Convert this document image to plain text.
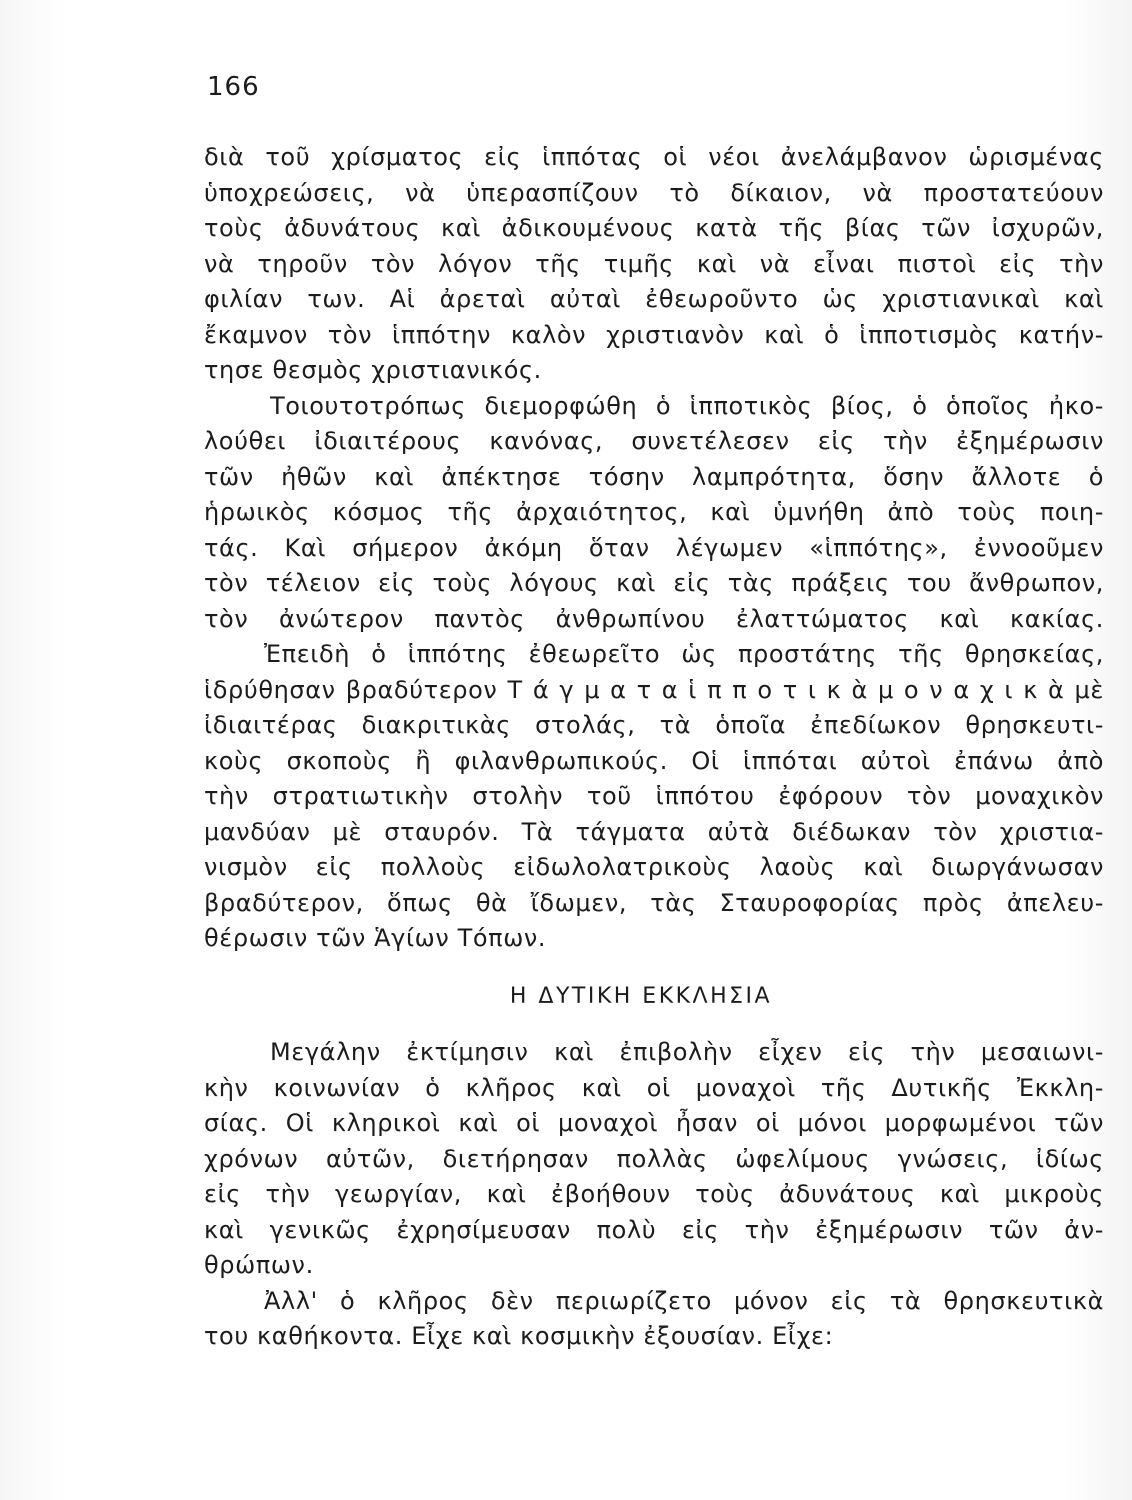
166
διὰ τοῦ χρίσματος εἰς ἱππότας οἱ νέοι ἀνελάμβανον ὡρισμένας
ὑποχρεώσεις, νὰ ὑπερασπίζουν τὸ δίκαιον, νὰ προστατεύουν
τοὺς ἀδυνάτους καὶ ἀδικουμένους κατὰ τῆς βίας τῶν ἰσχυρῶν,
νὰ τηροῦν τὸν λόγον τῆς τιμῆς καὶ νὰ εἶναι πιστοὶ εἰς τὴν
φιλίαν των. Αἱ ἀρεταὶ αὐταὶ ἐθεωροῦντο ὡς χριστιανικαὶ καὶ
ἔκαμνον τὸν ἱππότην καλὸν χριστιανὸν καὶ ὁ ἱπποτισμὸς κατήν-
τησε θεσμὸς χριστιανικός.
Τοιουτοτρόπως διεμορφώθη ὁ ἱπποτικὸς βίος, ὁ ὁποῖος ἠκο-
λούθει ἰδιαιτέρους κανόνας, συνετέλεσεν εἰς τὴν ἐξημέρωσιν
τῶν ἠθῶν καὶ ἀπέκτησε τόσην λαμπρότητα, ὅσην ἄλλοτε ὁ
ἡρωικὸς κόσμος τῆς ἀρχαιότητος, καὶ ὑμνήθη ἀπὸ τοὺς ποιη-
τάς. Καὶ σήμερον ἀκόμη ὅταν λέγωμεν «ἱππότης», ἐννοοῦμεν
τὸν τέλειον εἰς τοὺς λόγους καὶ εἰς τὰς πράξεις του ἄνθρωπον,
τὸν ἀνώτερον παντὸς ἀνθρωπίνου ἐλαττώματος καὶ κακίας.
Ἐπειδὴ ὁ ἱππότης ἐθεωρεῖτο ὡς προστάτης τῆς θρησκείας,
ἱδρύθησαν βραδύτερον Τ ά γ μ α τ α ἱ π π ο τ ι κ ὰ μ ο ν α χ ι κ ὰ μὲ
ἰδιαιτέρας διακριτικὰς στολάς, τὰ ὁποῖα ἐπεδίωκον θρησκευτι-
κοὺς σκοποὺς ἢ φιλανθρωπικούς. Οἱ ἱππόται αὐτοὶ ἐπάνω ἀπὸ
τὴν στρατιωτικὴν στολὴν τοῦ ἱππότου ἐφόρουν τὸν μοναχικὸν
μανδύαν μὲ σταυρόν. Τὰ τάγματα αὐτὰ διέδωκαν τὸν χριστια-
νισμὸν εἰς πολλοὺς εἰδωλολατρικοὺς λαοὺς καὶ διωργάνωσαν
βραδύτερον, ὅπως θὰ ἴδωμεν, τὰς Σταυροφορίας πρὸς ἀπελευ-
θέρωσιν τῶν Ἁγίων Τόπων.
Η ΔΥΤΙΚΗ ΕΚΚΛΗΣΙΑ
Μεγάλην ἐκτίμησιν καὶ ἐπιβολὴν εἶχεν εἰς τὴν μεσαιωνι-
κὴν κοινωνίαν ὁ κλῆρος καὶ οἱ μοναχοὶ τῆς Δυτικῆς Ἐκκλη-
σίας. Οἱ κληρικοὶ καὶ οἱ μοναχοὶ ἦσαν οἱ μόνοι μορφωμένοι τῶν
χρόνων αὐτῶν, διετήρησαν πολλὰς ὠφελίμους γνώσεις, ἰδίως
εἰς τὴν γεωργίαν, καὶ ἐβοήθουν τοὺς ἀδυνάτους καὶ μικροὺς
καὶ γενικῶς ἐχρησίμευσαν πολὺ εἰς τὴν ἐξημέρωσιν τῶν ἀν-
θρώπων.
Ἀλλ' ὁ κλῆρος δὲν περιωρίζετο μόνον εἰς τὰ θρησκευτικὰ
του καθήκοντα. Εἶχε καὶ κοσμικὴν ἐξουσίαν. Εἶχε:
